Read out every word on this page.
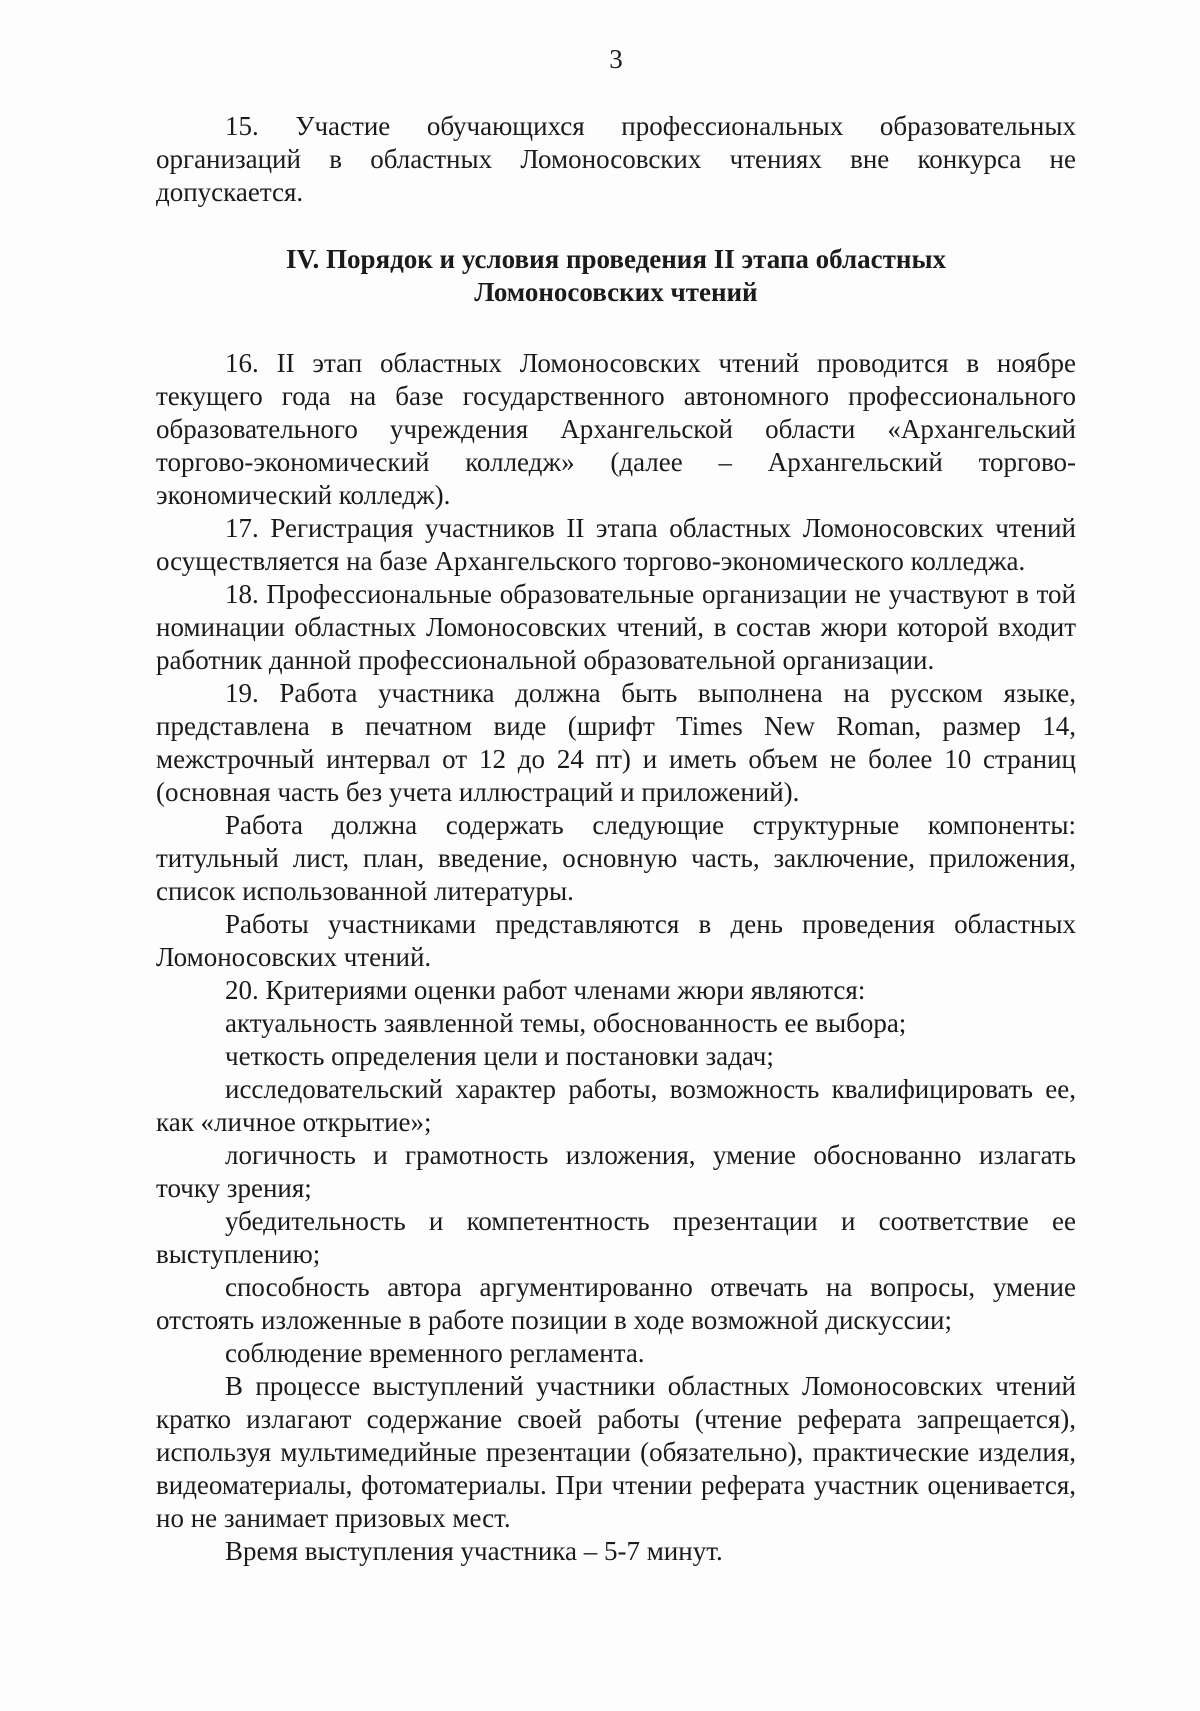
3

15. Участие обучающихся профессиональных образовательных организаций в областных Ломоносовских чтениях вне конкурса не допускается.

IV. Порядок и условия проведения II этапа областных
Ломоносовских чтений

16. II этап областных Ломоносовских чтений проводится в ноябре текущего года на базе государственного автономного профессионального образовательного учреждения Архангельской области «Архангельский торгово-экономический колледж» (далее – Архангельский торгово-экономический колледж).

17. Регистрация участников II этапа областных Ломоносовских чтений осуществляется на базе Архангельского торгово-экономического колледжа.

18. Профессиональные образовательные организации не участвуют в той номинации областных Ломоносовских чтений, в состав жюри которой входит работник данной профессиональной образовательной организации.

19. Работа участника должна быть выполнена на русском языке, представлена в печатном виде (шрифт Times New Roman, размер 14, межстрочный интервал от 12 до 24 пт) и иметь объем не более 10 страниц (основная часть без учета иллюстраций и приложений).

Работа должна содержать следующие структурные компоненты: титульный лист, план, введение, основную часть, заключение, приложения, список использованной литературы.

Работы участниками представляются в день проведения областных Ломоносовских чтений.

20. Критериями оценки работ членами жюри являются:

актуальность заявленной темы, обоснованность ее выбора;
четкость определения цели и постановки задач;
исследовательский характер работы, возможность квалифицировать ее, как «личное открытие»;
логичность и грамотность изложения, умение обоснованно излагать точку зрения;
убедительность и компетентность презентации и соответствие ее выступлению;
способность автора аргументированно отвечать на вопросы, умение отстоять изложенные в работе позиции в ходе возможной дискуссии;
соблюдение временного регламента.

В процессе выступлений участники областных Ломоносовских чтений кратко излагают содержание своей работы (чтение реферата запрещается), используя мультимедийные презентации (обязательно), практические изделия, видеоматериалы, фотоматериалы. При чтении реферата участник оценивается, но не занимает призовых мест.

Время выступления участника – 5-7 минут.
